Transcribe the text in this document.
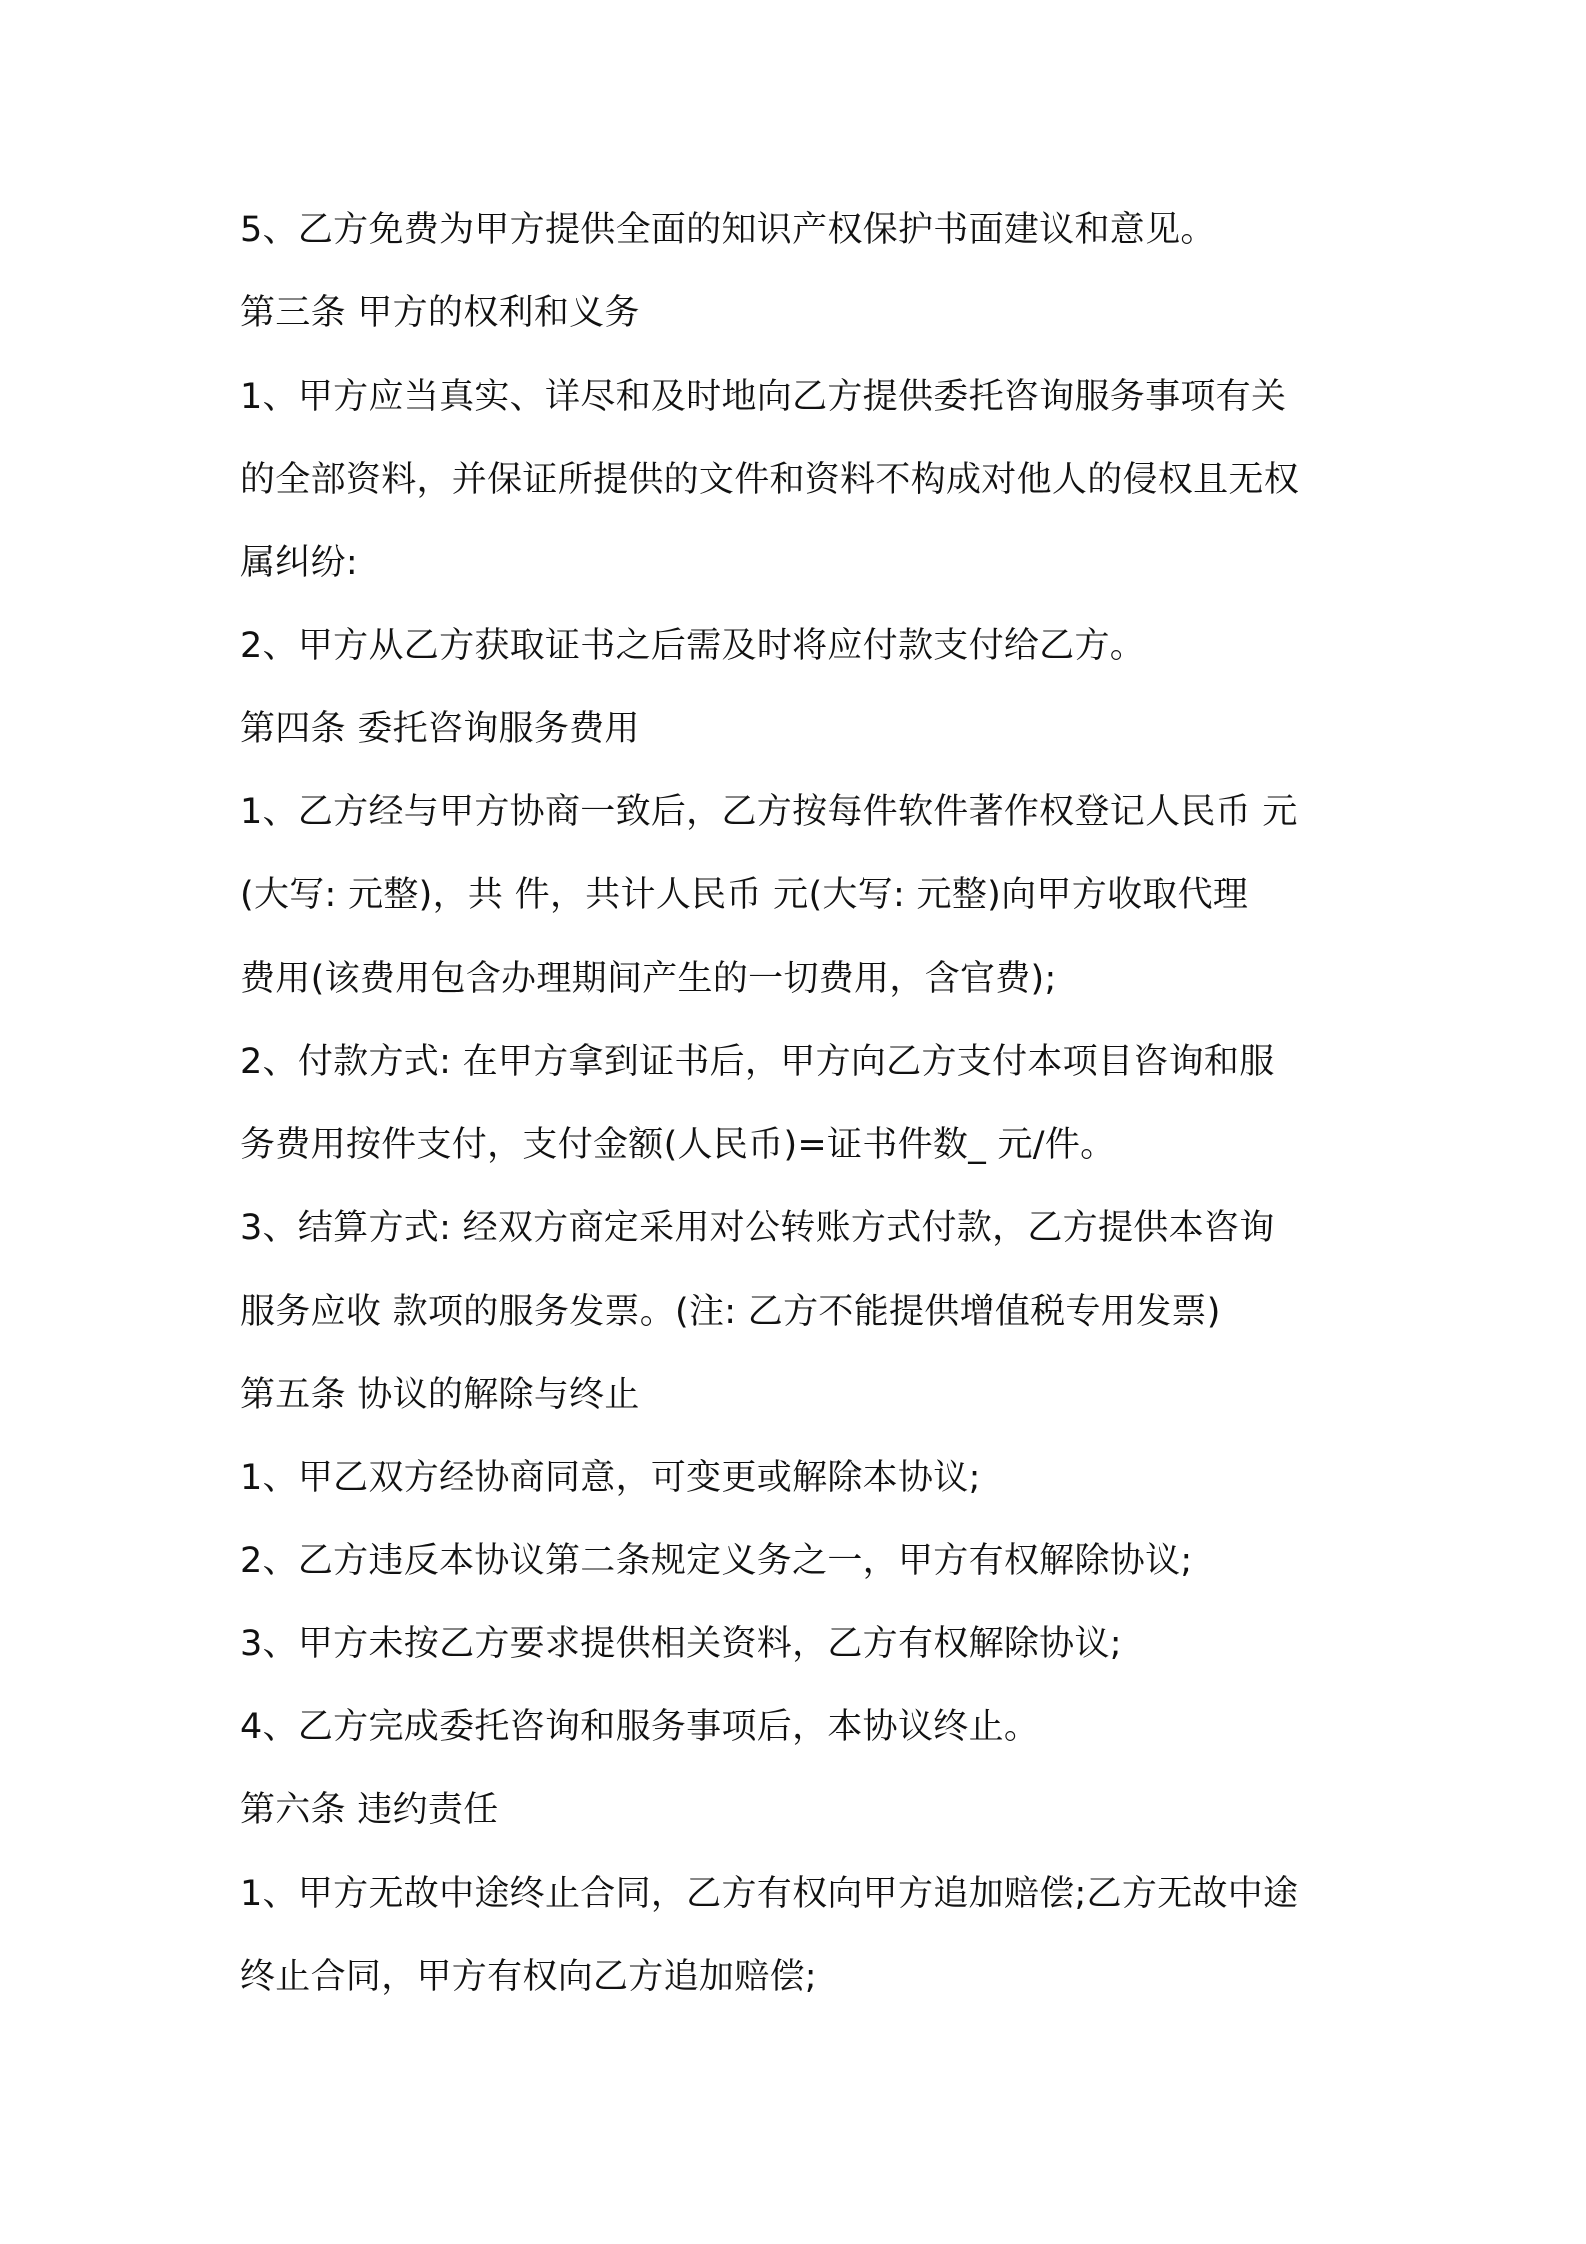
5、乙方免费为甲方提供全面的知识产权保护书面建议和意见。

第三条 甲方的权利和义务

1、甲方应当真实、详尽和及时地向乙方提供委托咨询服务事项有关

的全部资料，并保证所提供的文件和资料不构成对他人的侵权且无权

属纠纷:

2、甲方从乙方获取证书之后需及时将应付款支付给乙方。

第四条 委托咨询服务费用

1、乙方经与甲方协商一致后，乙方按每件软件著作权登记人民币 元

(大写: 元整)，共 件，共计人民币 元(大写: 元整)向甲方收取代理

费用(该费用包含办理期间产生的一切费用，含官费);

2、付款方式: 在甲方拿到证书后，甲方向乙方支付本项目咨询和服

务费用按件支付，支付金额(人民币)=证书件数_ 元/件。

3、结算方式: 经双方商定采用对公转账方式付款，乙方提供本咨询

服务应收 款项的服务发票。(注: 乙方不能提供增值税专用发票)

第五条 协议的解除与终止

1、甲乙双方经协商同意，可变更或解除本协议;

2、乙方违反本协议第二条规定义务之一，甲方有权解除协议;

3、甲方未按乙方要求提供相关资料，乙方有权解除协议;

4、乙方完成委托咨询和服务事项后，本协议终止。

第六条 违约责任

1、甲方无故中途终止合同，乙方有权向甲方追加赔偿;乙方无故中途

终止合同，甲方有权向乙方追加赔偿;
